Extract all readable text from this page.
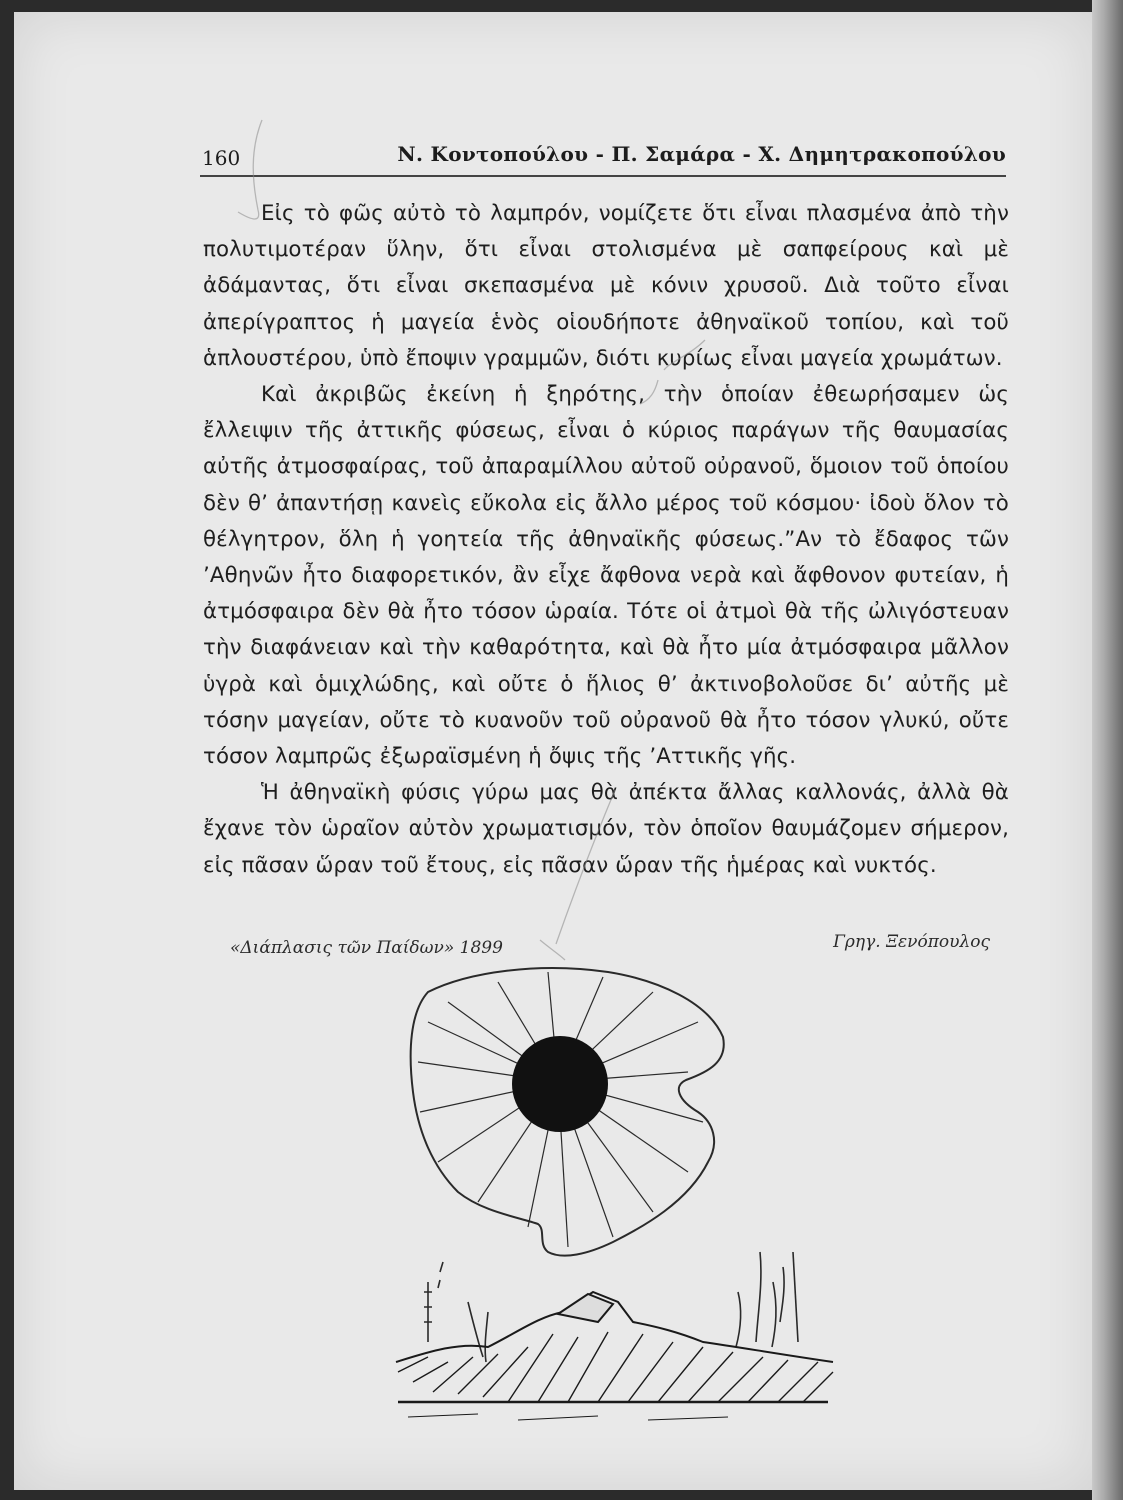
160	Ν. Κοντοπούλου - Π. Σαμάρα - Χ. Δημητρακοπούλου

Εἰς τὸ φῶς αὐτὸ τὸ λαμπρόν, νομίζετε ὅτι εἶναι πλασμένα ἀπὸ τὴν πολυτιμοτέραν ὕλην, ὅτι εἶναι στολισμένα μὲ σαπφείρους καὶ μὲ ἀδάμαντας, ὅτι εἶναι σκεπασμένα μὲ κόνιν χρυσοῦ. Διὰ τοῦτο εἶναι ἀπερίγραπτος ἡ μαγεία ἑνὸς οἱουδήποτε ἀθηναϊκοῦ τοπίου, καὶ τοῦ ἁπλουστέρου, ὑπὸ ἔποψιν γραμμῶν, διότι κυρίως εἶναι μαγεία χρωμάτων.

Καὶ ἀκριβῶς ἐκείνη ἡ ξηρότης, τὴν ὁποίαν ἐθεωρήσαμεν ὡς ἔλλειψιν τῆς ἀττικῆς φύσεως, εἶναι ὁ κύριος παράγων τῆς θαυμασίας αὐτῆς ἀτμοσφαίρας, τοῦ ἀπαραμίλλου αὐτοῦ οὐρανοῦ, ὅμοιον τοῦ ὁποίου δὲν θ’ ἀπαντήσῃ κανεὶς εὔκολα εἰς ἄλλο μέρος τοῦ κόσμου· ἰδοὺ ὅλον τὸ θέλγητρον, ὅλη ἡ γοητεία τῆς ἀθηναϊκῆς φύσεως.”Αν τὸ ἔδαφος τῶν ’Αθηνῶν ἦτο διαφορετικόν, ἂν εἶχε ἄφθονα νερὰ καὶ ἄφθονον φυτείαν, ἡ ἀτμόσφαιρα δὲν θὰ ἦτο τόσον ὡραία. Τότε οἱ ἀτμοὶ θὰ τῆς ὠλιγόστευαν τὴν διαφάνειαν καὶ τὴν καθαρότητα, καὶ θὰ ἦτο μία ἀτμόσφαιρα μᾶλλον ὑγρὰ καὶ ὁμιχλώδης, καὶ οὔτε ὁ ἥλιος θ’ ἀκτινοβολοῦσε δι’ αὐτῆς μὲ τόσην μαγείαν, οὔτε τὸ κυανοῦν τοῦ οὐρανοῦ θὰ ἦτο τόσον γλυκύ, οὔτε τόσον λαμπρῶς ἐξωραϊσμένη ἡ ὄψις τῆς ’Αττικῆς γῆς.

Ἡ ἀθηναϊκὴ φύσις γύρω μας θὰ ἀπέκτα ἄλλας καλλονάς, ἀλλὰ θὰ ἔχανε τὸν ὡραῖον αὐτὸν χρωματισμόν, τὸν ὁποῖον θαυμάζομεν σήμερον, εἰς πᾶσαν ὥραν τοῦ ἔτους, εἰς πᾶσαν ὥραν τῆς ἡμέρας καὶ νυκτός.

«Διάπλασις τῶν Παίδων» 1899	Γρηγ. Ξενόπουλος
